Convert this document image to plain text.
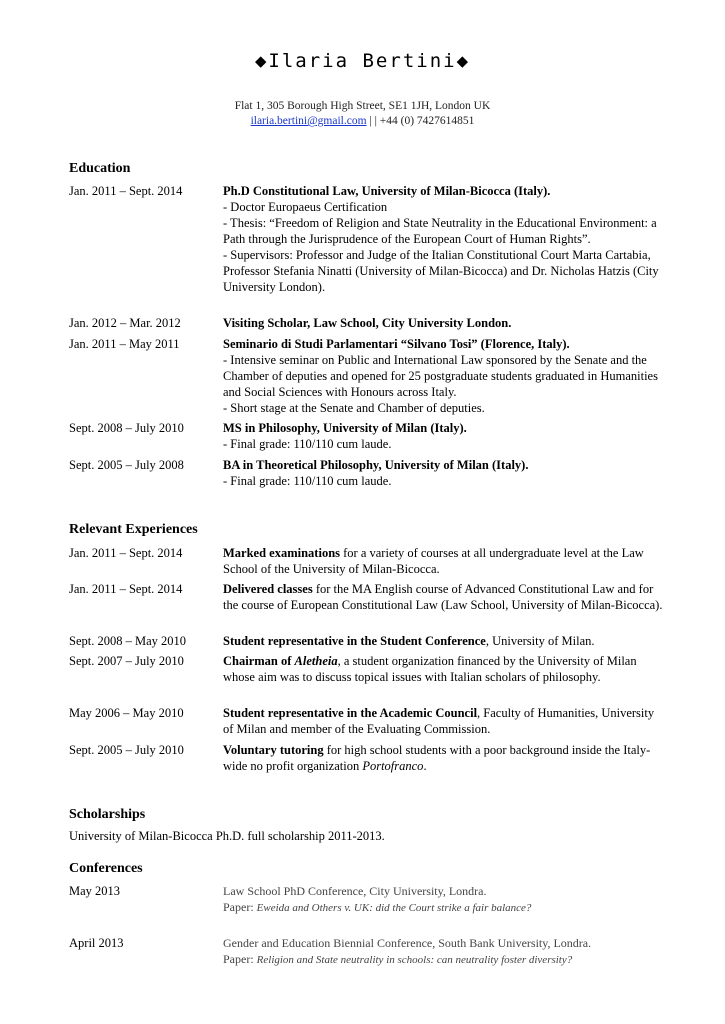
◆Ilaria Bertini◆
Flat 1, 305 Borough High Street, SE1 1JH, London UK
ilaria.bertini@gmail.com | | +44 (0) 7427614851
Education
Jan. 2011 – Sept. 2014	Ph.D Constitutional Law, University of Milan-Bicocca (Italy).
- Doctor Europaeus Certification
- Thesis: “Freedom of Religion and State Neutrality in the Educational Environment: a Path through the Jurisprudence of the European Court of Human Rights”.
- Supervisors: Professor and Judge of the Italian Constitutional Court Marta Cartabia, Professor Stefania Ninatti (University of Milan-Bicocca) and Dr. Nicholas Hatzis (City University London).
Jan. 2012 – Mar. 2012	Visiting Scholar, Law School, City University London.
Jan. 2011 – May 2011	Seminario di Studi Parlamentari “Silvano Tosi” (Florence, Italy).
- Intensive seminar on Public and International Law sponsored by the Senate and the Chamber of deputies and opened for 25 postgraduate students graduated in Humanities and Social Sciences with Honours across Italy.
- Short stage at the Senate and Chamber of deputies.
Sept. 2008 – July 2010	MS in Philosophy, University of Milan (Italy).
- Final grade: 110/110 cum laude.
Sept. 2005 – July 2008	BA in Theoretical Philosophy, University of Milan (Italy).
- Final grade: 110/110 cum laude.
Relevant Experiences
Jan. 2011 – Sept. 2014	Marked examinations for a variety of courses at all undergraduate level at the Law School of the University of Milan-Bicocca.
Jan. 2011 – Sept. 2014	Delivered classes for the MA English course of Advanced Constitutional Law and for the course of European Constitutional Law (Law School, University of Milan-Bicocca).
Sept. 2008 – May 2010	Student representative in the Student Conference, University of Milan.
Sept. 2007 – July 2010	Chairman of Aletheia, a student organization financed by the University of Milan whose aim was to discuss topical issues with Italian scholars of philosophy.
May 2006 – May 2010	Student representative in the Academic Council, Faculty of Humanities, University of Milan and member of the Evaluating Commission.
Sept. 2005 – July 2010	Voluntary tutoring for high school students with a poor background inside the Italy-wide no profit organization Portofranco.
Scholarships
University of Milan-Bicocca Ph.D. full scholarship 2011-2013.
Conferences
May 2013	Law School PhD Conference, City University, Londra.
Paper: Eweida and Others v. UK: did the Court strike a fair balance?
April 2013	Gender and Education Biennial Conference, South Bank University, Londra.
Paper: Religion and State neutrality in schools: can neutrality foster diversity?
